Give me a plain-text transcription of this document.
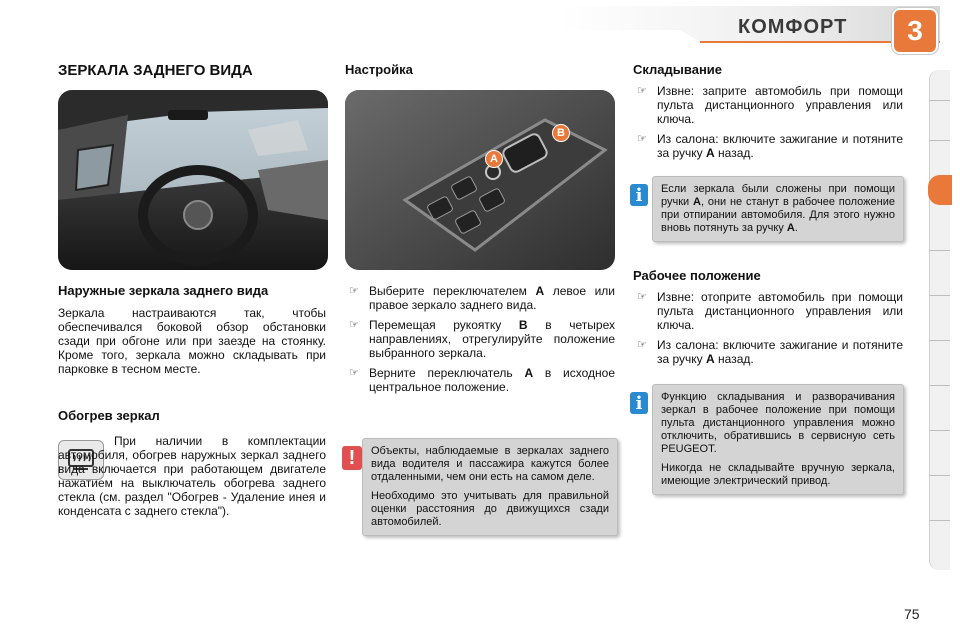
КОМФОРТ	3
ЗЕРКАЛА ЗАДНЕГО ВИДА
Наружные зеркала заднего вида

Зеркала настраиваются так, чтобы обеспечивался боковой обзор обстановки сзади при обгоне или при заезде на стоянку. Кроме того, зеркала можно складывать при парковке в тесном месте.

Обогрев зеркал

При наличии в комплектации автомобиля, обогрев наружных зеркал заднего вида включается при работающем двигателе нажатием на выключатель обогрева заднего стекла (см. раздел "Обогрев - Удаление инея и конденсата с заднего стекла").

A
B
Настройка
☞ Выберите переключателем A левое или правое зеркало заднего вида.
☞ Перемещая рукоятку B в четырех направлениях, отрегулируйте положение выбранного зеркала.
☞ Верните переключатель A в исходное центральное положение.
!	Объекты, наблюдаемые в зеркалах заднего вида водителя и пассажира кажутся более отдаленными, чем они есть на самом деле.

Необходимо это учитывать для правильной оценки расстояния до движущихся сзади автомобилей.

Складывание
☞ Извне: заприте автомобиль при помощи пульта дистанционного управления или ключа.
☞ Из салона: включите зажигание и потяните за ручку A назад.
i	Если зеркала были сложены при помощи ручки A, они не станут в рабочее положение при отпирании автомобиля. Для этого нужно вновь потянуть за ручку A.

Рабочее положение
☞ Извне: отоприте автомобиль при помощи пульта дистанционного управления или ключа.
☞ Из салона: включите зажигание и потяните за ручку A назад.
i	Функцию складывания и разворачивания зеркал в рабочее положение при помощи пульта дистанционного управления можно отключить, обратившись в сервисную сеть PEUGEOT.

Никогда не складывайте вручную зеркала, имеющие электрический привод.

75
